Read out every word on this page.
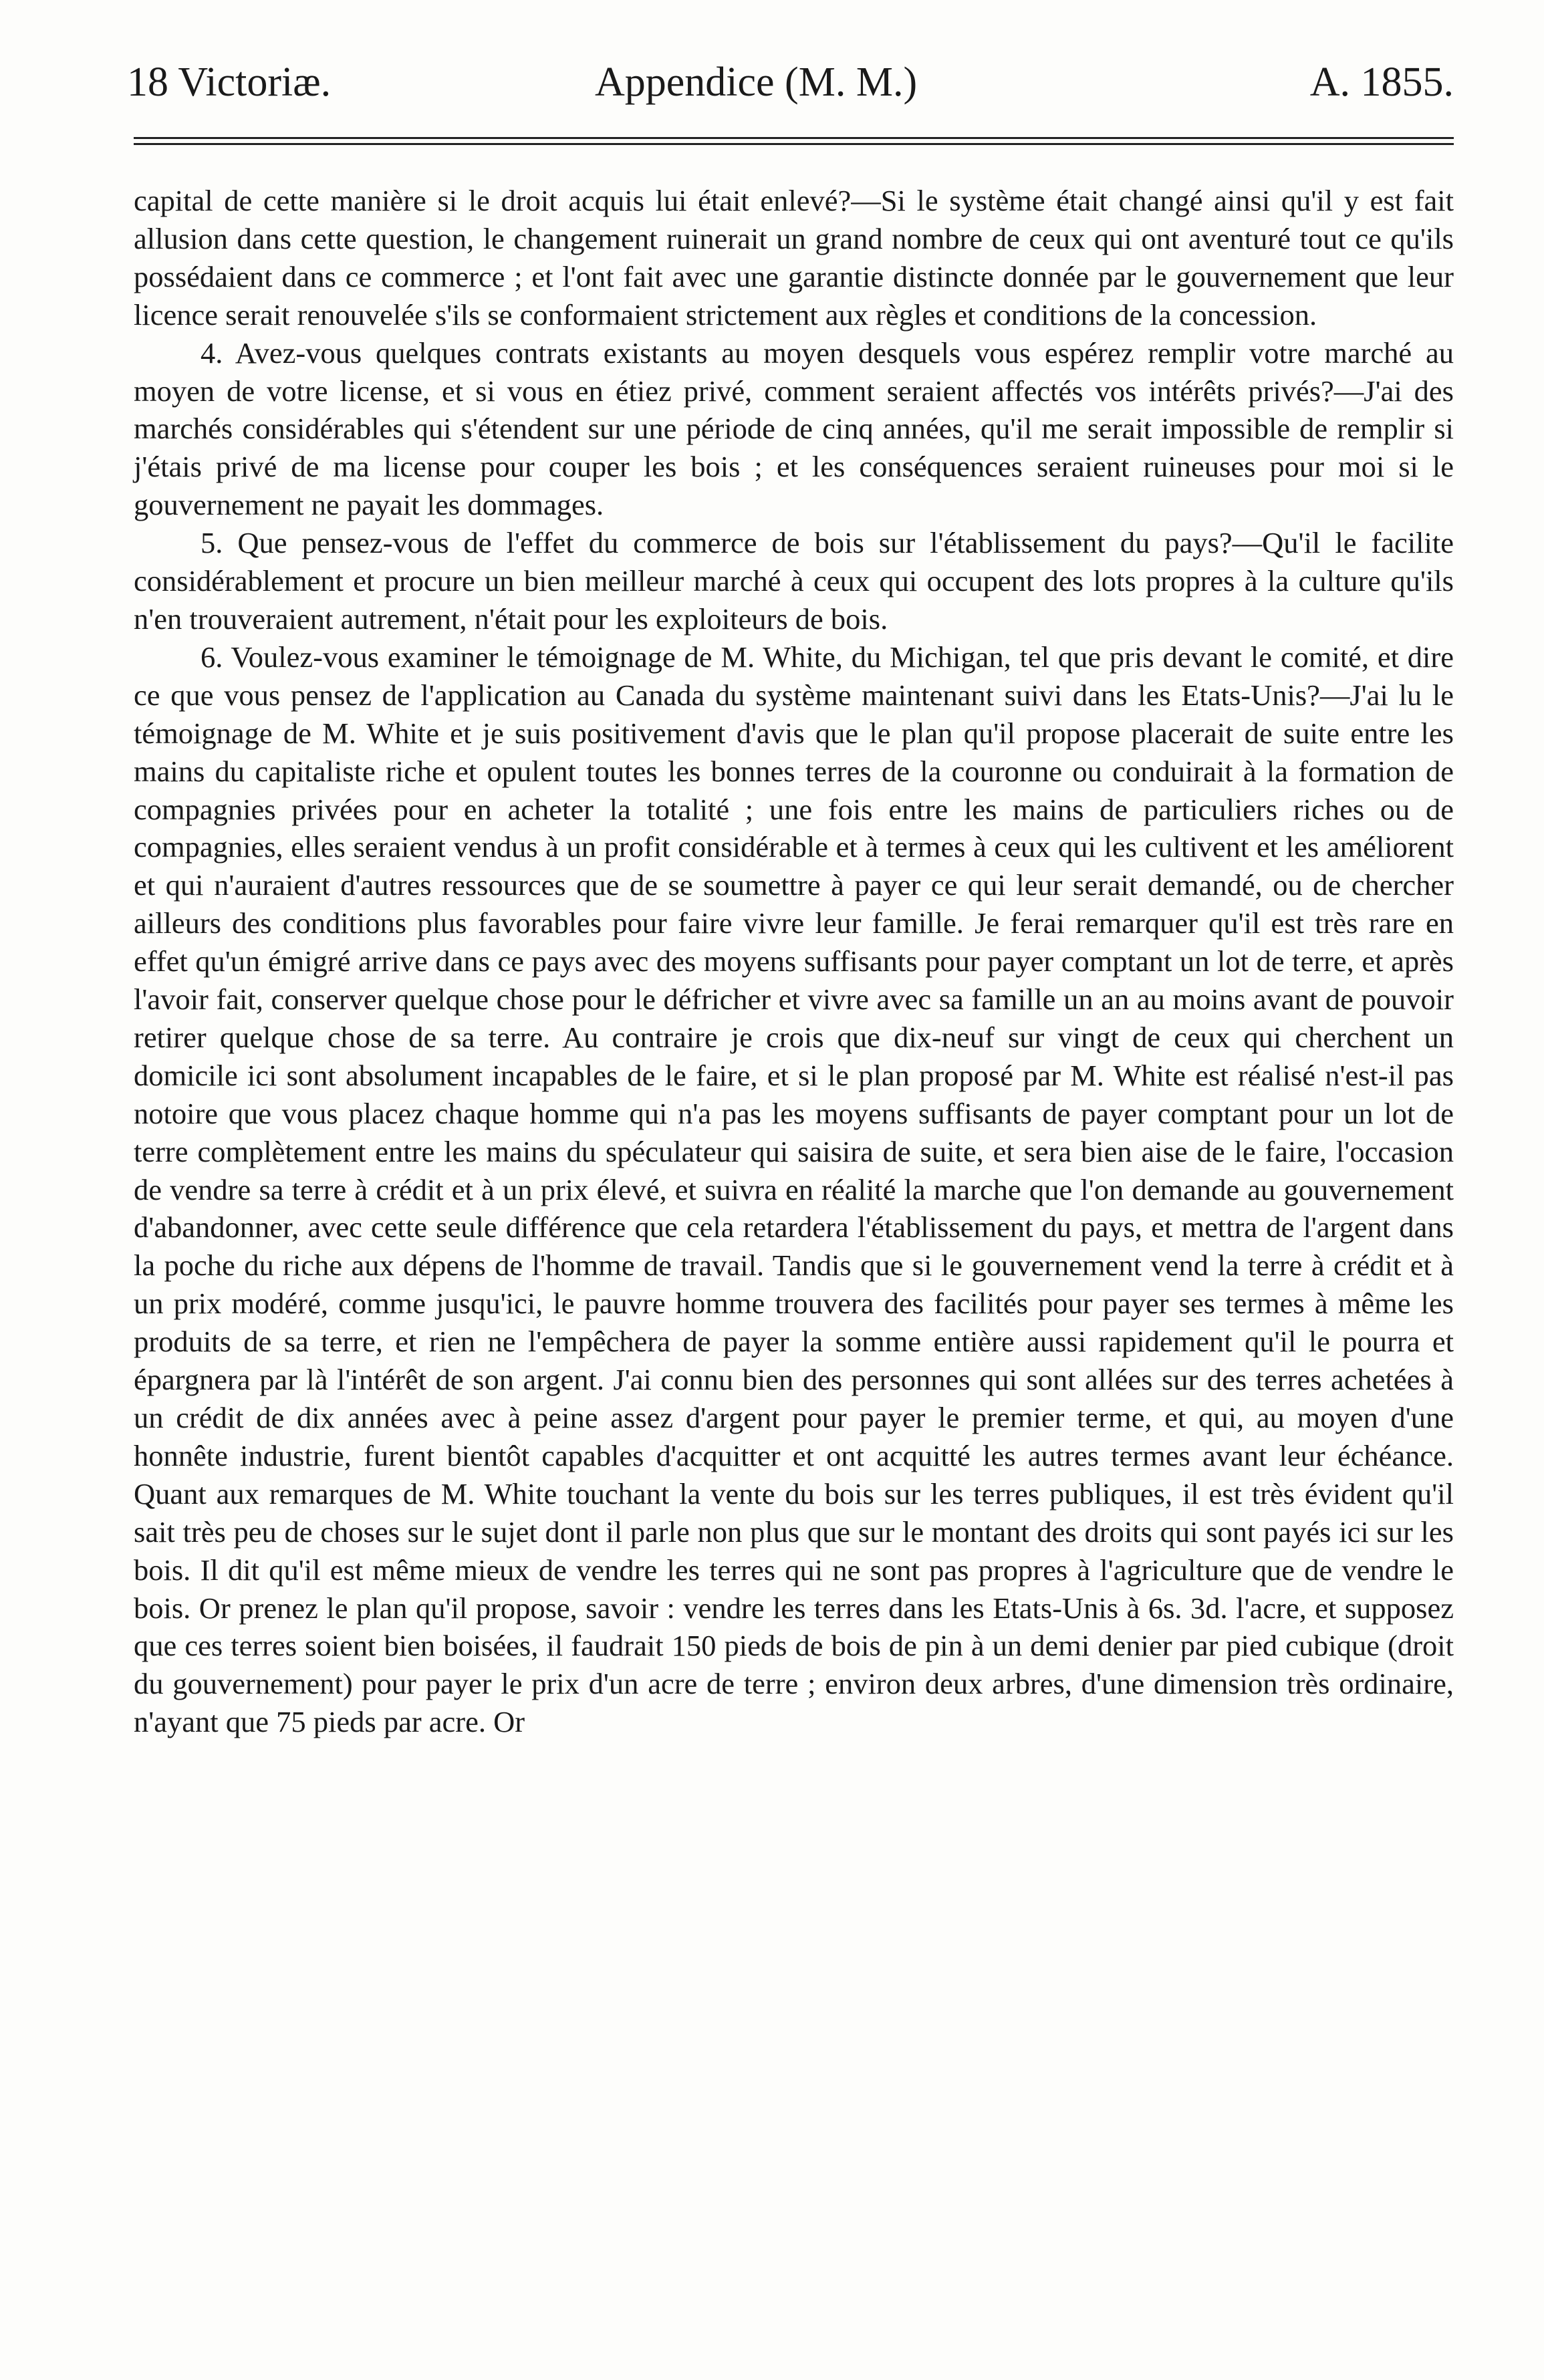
18 Victoriæ.	Appendice (M. M.)	A. 1855.

capital de cette manière si le droit acquis lui était enlevé?—Si le système était changé ainsi qu'il y est fait allusion dans cette question, le changement ruinerait un grand nombre de ceux qui ont aventuré tout ce qu'ils possédaient dans ce commerce ; et l'ont fait avec une garantie distincte donnée par le gouvernement que leur licence serait renouvelée s'ils se conformaient strictement aux règles et conditions de la concession.

4. Avez-vous quelques contrats existants au moyen desquels vous espérez remplir votre marché au moyen de votre license, et si vous en étiez privé, comment seraient affectés vos intérêts privés?—J'ai des marchés considérables qui s'étendent sur une période de cinq années, qu'il me serait impossible de remplir si j'étais privé de ma license pour couper les bois ; et les conséquences seraient ruineuses pour moi si le gouvernement ne payait les dommages.

5. Que pensez-vous de l'effet du commerce de bois sur l'établissement du pays?—Qu'il le facilite considérablement et procure un bien meilleur marché à ceux qui occupent des lots propres à la culture qu'ils n'en trouveraient autrement, n'était pour les exploiteurs de bois.

6. Voulez-vous examiner le témoignage de M. White, du Michigan, tel que pris devant le comité, et dire ce que vous pensez de l'application au Canada du système maintenant suivi dans les Etats-Unis?—J'ai lu le témoignage de M. White et je suis positivement d'avis que le plan qu'il propose placerait de suite entre les mains du capitaliste riche et opulent toutes les bonnes terres de la couronne ou conduirait à la formation de compagnies privées pour en acheter la totalité ; une fois entre les mains de particuliers riches ou de compagnies, elles seraient vendus à un profit considérable et à termes à ceux qui les cultivent et les améliorent et qui n'auraient d'autres ressources que de se soumettre à payer ce qui leur serait demandé, ou de chercher ailleurs des conditions plus favorables pour faire vivre leur famille. Je ferai remarquer qu'il est très rare en effet qu'un émigré arrive dans ce pays avec des moyens suffisants pour payer comptant un lot de terre, et après l'avoir fait, conserver quelque chose pour le défricher et vivre avec sa famille un an au moins avant de pouvoir retirer quelque chose de sa terre. Au contraire je crois que dix-neuf sur vingt de ceux qui cherchent un domicile ici sont absolument incapables de le faire, et si le plan proposé par M. White est réalisé n'est-il pas notoire que vous placez chaque homme qui n'a pas les moyens suffisants de payer comptant pour un lot de terre complètement entre les mains du spéculateur qui saisira de suite, et sera bien aise de le faire, l'occasion de vendre sa terre à crédit et à un prix élevé, et suivra en réalité la marche que l'on demande au gouvernement d'abandonner, avec cette seule différence que cela retardera l'établissement du pays, et mettra de l'argent dans la poche du riche aux dépens de l'homme de travail. Tandis que si le gouvernement vend la terre à crédit et à un prix modéré, comme jusqu'ici, le pauvre homme trouvera des facilités pour payer ses termes à même les produits de sa terre, et rien ne l'empêchera de payer la somme entière aussi rapidement qu'il le pourra et épargnera par là l'intérêt de son argent. J'ai connu bien des personnes qui sont allées sur des terres achetées à un crédit de dix années avec à peine assez d'argent pour payer le premier terme, et qui, au moyen d'une honnête industrie, furent bientôt capables d'acquitter et ont acquitté les autres termes avant leur échéance. Quant aux remarques de M. White touchant la vente du bois sur les terres publiques, il est très évident qu'il sait très peu de choses sur le sujet dont il parle non plus que sur le montant des droits qui sont payés ici sur les bois. Il dit qu'il est même mieux de vendre les terres qui ne sont pas propres à l'agriculture que de vendre le bois. Or prenez le plan qu'il propose, savoir : vendre les terres dans les Etats-Unis à 6s. 3d. l'acre, et supposez que ces terres soient bien boisées, il faudrait 150 pieds de bois de pin à un demi denier par pied cubique (droit du gouvernement) pour payer le prix d'un acre de terre ; environ deux arbres, d'une dimension très ordinaire, n'ayant que 75 pieds par acre. Or
